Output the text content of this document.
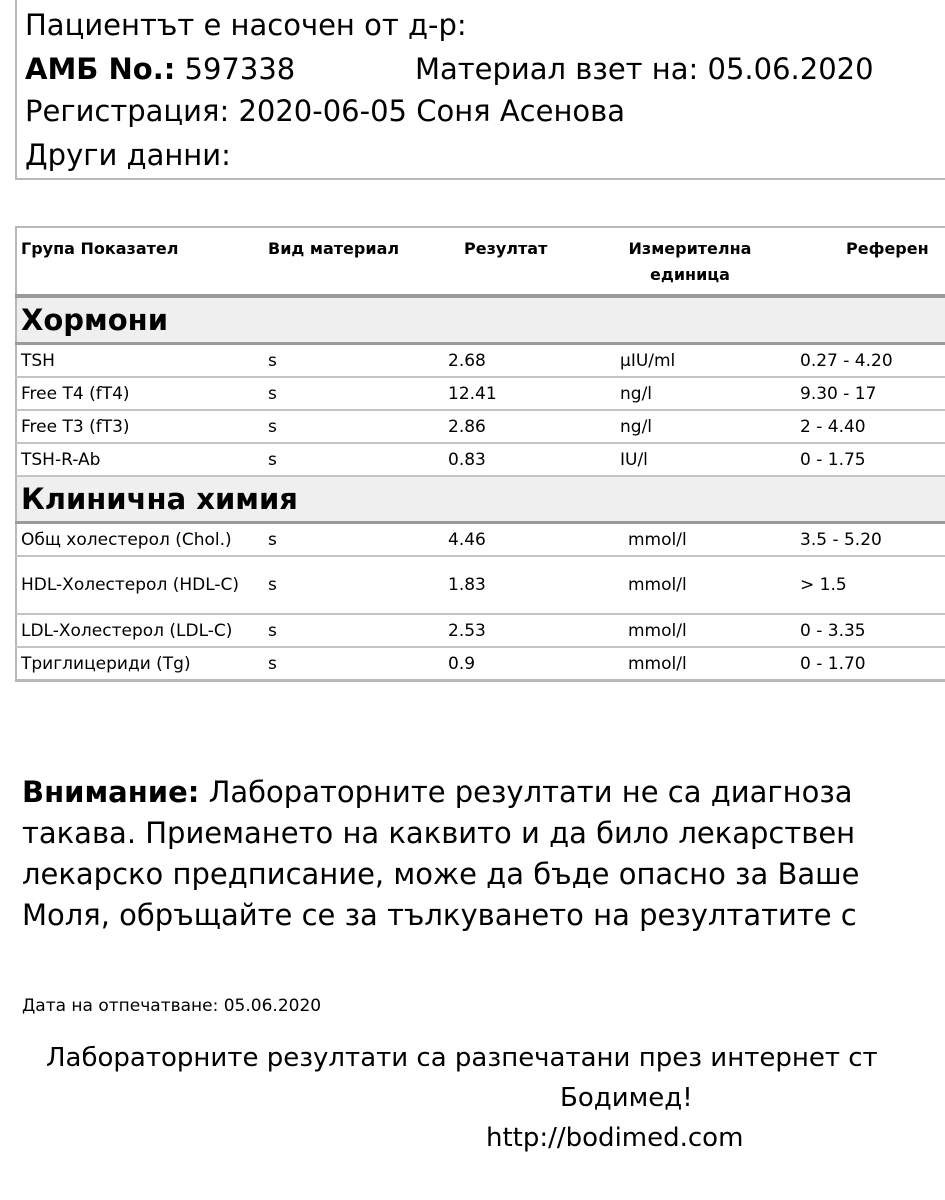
Пациентът е насочен от д-р:
АМБ No.: 597338	Материал взет на: 05.06.2020
Регистрация: 2020-06-05 Соня Асенова
Други данни:
Група Показател	Вид материал	Резултат	Измерителна единица	Референ
Хормони				
TSH	s	2.68	µIU/ml	0.27 - 4.20
Free T4 (fT4)	s	12.41	ng/l	9.30 - 17
Free T3 (fT3)	s	2.86	ng/l	2 - 4.40
TSH-R-Ab	s	0.83	IU/l	0 - 1.75
Клинична химия				
Общ холестерол (Chol.)	s	4.46	mmol/l	3.5 - 5.20
HDL-Холестерол (HDL-C)	s	1.83	mmol/l	> 1.5
LDL-Холестерол (LDL-C)	s	2.53	mmol/l	0 - 3.35
Триглицериди (Tg)	s	0.9	mmol/l	0 - 1.70
Внимание: Лабораторните резултати не са диагноза
такава. Приемането на каквито и да било лекарствен
лекарско предписание, може да бъде опасно за Ваше
Моля, обръщайте се за тълкуването на резултатите с
Дата на отпечатване: 05.06.2020
Лабораторните резултати са разпечатани през интернет ст
Бодимед!
http://bodimed.com
